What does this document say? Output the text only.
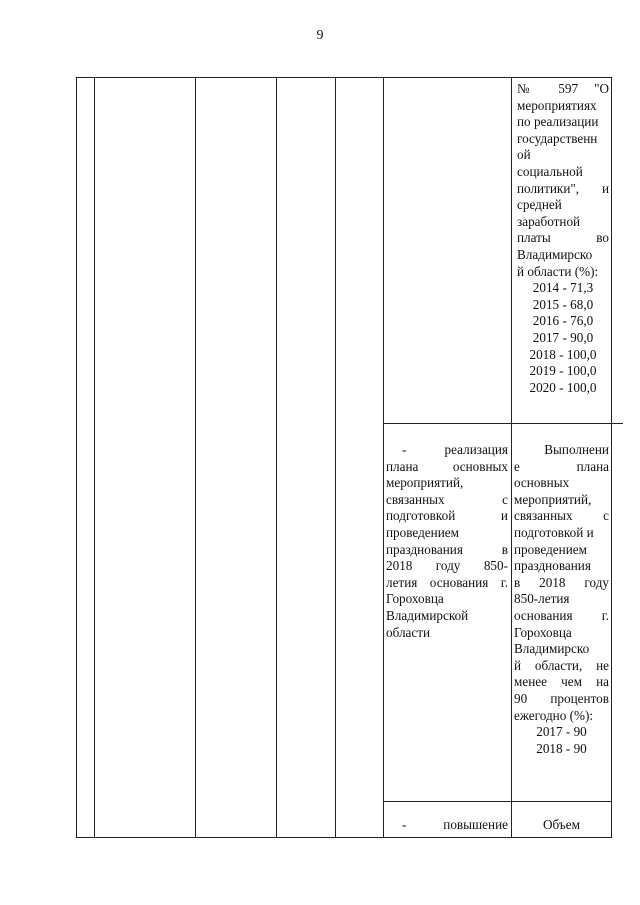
9
№ 597 "О
мероприятиях
по реализации
государственн
ой
социальной
политики", и
средней
заработной
платы во
Владимирско
й области (%):
2014 - 71,3
2015 - 68,0
2016 - 76,0
2017 - 90,0
2018 - 100,0
2019 - 100,0
2020 - 100,0
- реализация
плана основных
мероприятий,
связанных с
подготовкой и
проведением
празднования в
2018 году 850-
летия основания г.
Гороховца
Владимирской
области
Выполнени
е плана
основных
мероприятий,
связанных с
подготовкой и
проведением
празднования
в 2018 году
850-летия
основания г.
Гороховца
Владимирско
й области, не
менее чем на
90 процентов
ежегодно (%):
2017 - 90
2018 - 90
- повышение	Объем
